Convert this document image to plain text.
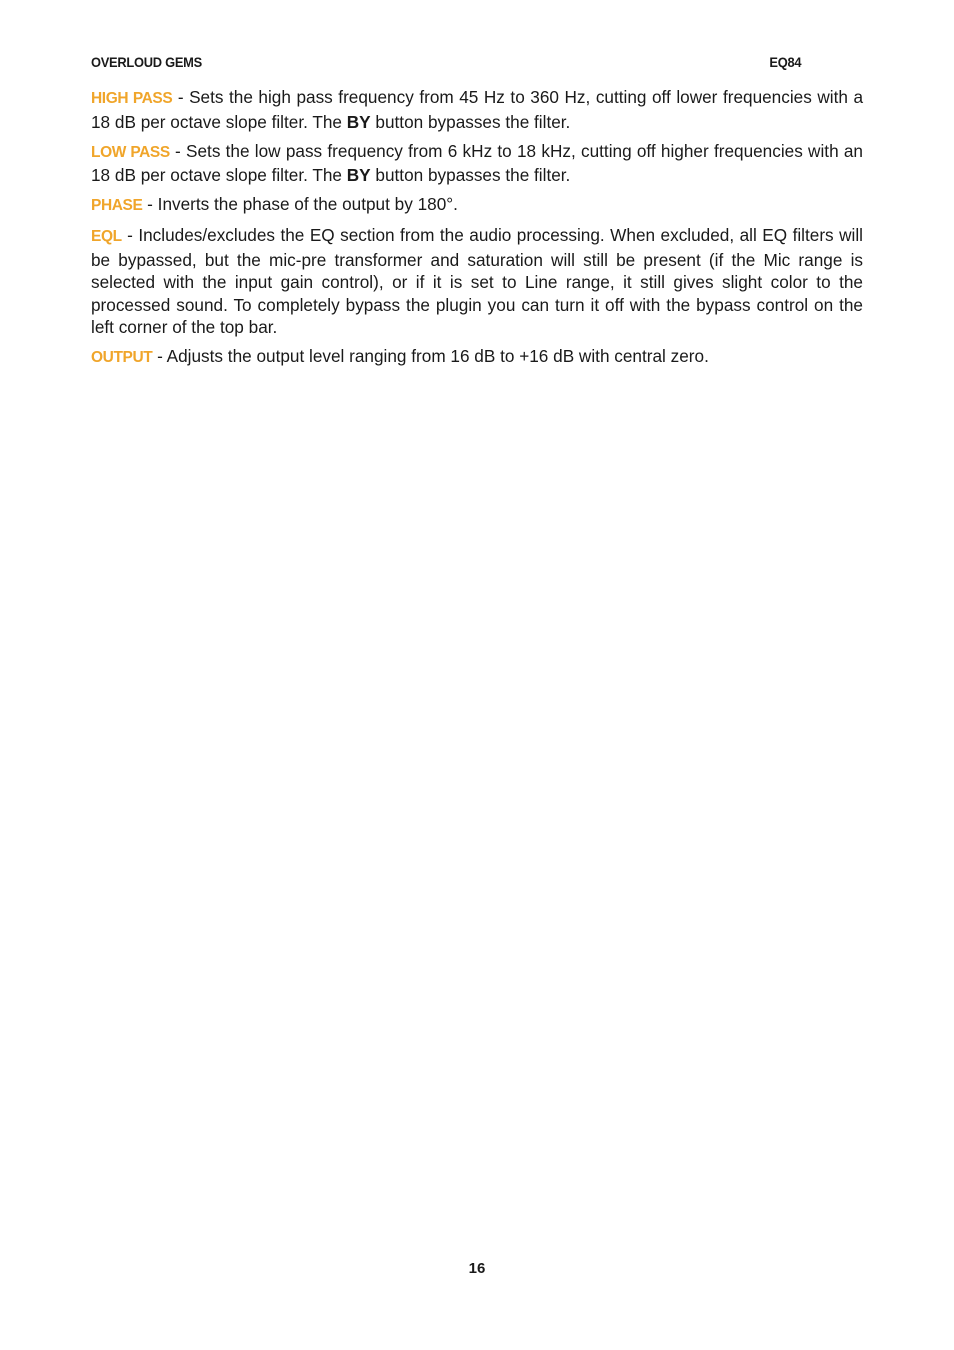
OVERLOUD GEMS	EQ84

HIGH PASS - Sets the high pass frequency from 45 Hz to 360 Hz, cutting off lower frequencies with a 18 dB per octave slope filter. The BY button bypasses the filter.

LOW PASS - Sets the low pass frequency from 6 kHz to 18 kHz, cutting off higher frequencies with an 18 dB per octave slope filter. The BY button bypasses the filter.

PHASE - Inverts the phase of the output by 180°.

EQL - Includes/excludes the EQ section from the audio processing. When excluded, all EQ filters will be bypassed, but the mic-pre transformer and saturation will still be present (if the Mic range is selected with the input gain control), or if it is set to Line range, it still gives slight color to the processed sound. To completely bypass the plugin you can turn it off with the bypass control on the left corner of the top bar.

OUTPUT - Adjusts the output level ranging from 16 dB to +16 dB with central zero.

16
